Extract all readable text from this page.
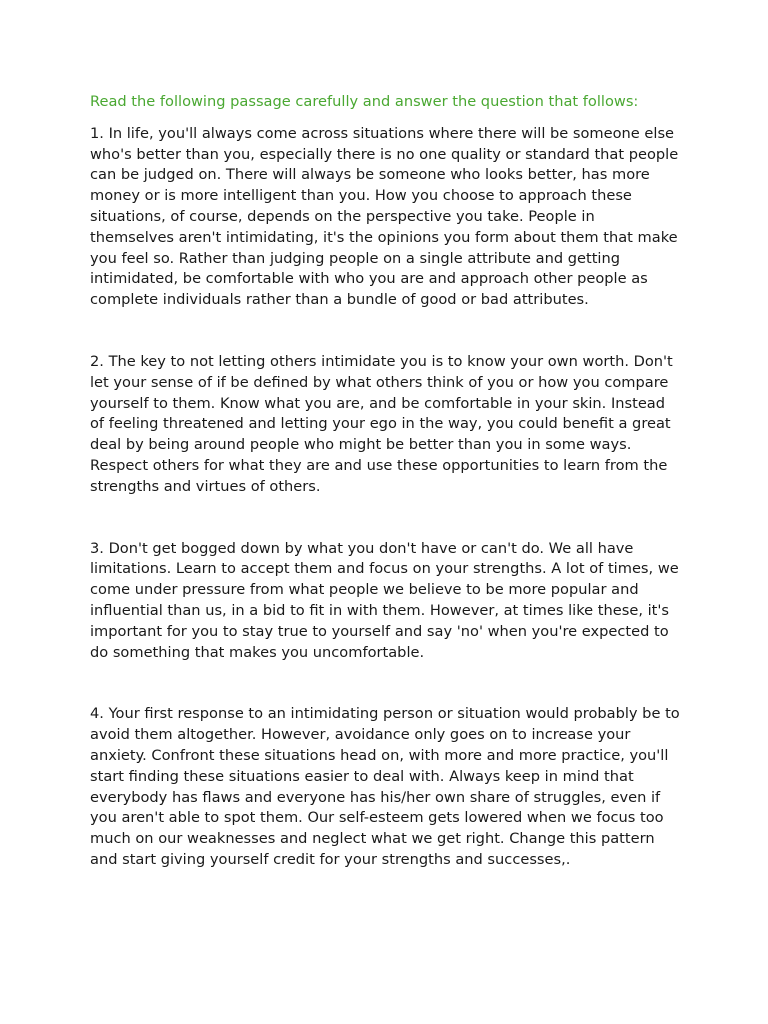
Read the following passage carefully and answer the question that follows:

1. In life, you'll always come across situations where there will be someone else who's better than you, especially there is no one quality or standard that people can be judged on. There will always be someone who looks better, has more money or is more intelligent than you. How you choose to approach these situations, of course, depends on the perspective you take. People in themselves aren't intimidating, it's the opinions you form about them that make you feel so. Rather than judging people on a single attribute and getting intimidated, be comfortable with who you are and approach other people as complete individuals rather than a bundle of good or bad attributes.

2. The key to not letting others intimidate you is to know your own worth. Don't let your sense of if be defined by what others think of you or how you compare yourself to them. Know what you are, and be comfortable in your skin. Instead of feeling threatened and letting your ego in the way, you could benefit a great deal by being around people who might be better than you in some ways. Respect others for what they are and use these opportunities to learn from the strengths and virtues of others.

3. Don't get bogged down by what you don't have or can't do. We all have limitations. Learn to accept them and focus on your strengths. A lot of times, we come under pressure from what people we believe to be more popular and influential than us, in a bid to fit in with them. However, at times like these, it's important for you to stay true to yourself and say 'no' when you're expected to do something that makes you uncomfortable.

4. Your first response to an intimidating person or situation would probably be to avoid them altogether. However, avoidance only goes on to increase your anxiety. Confront these situations head on, with more and more practice, you'll start finding these situations easier to deal with. Always keep in mind that everybody has flaws and everyone has his/her own share of struggles, even if you aren't able to spot them. Our self-esteem gets lowered when we focus too much on our weaknesses and neglect what we get right. Change this pattern and start giving yourself credit for your strengths and successes,.
